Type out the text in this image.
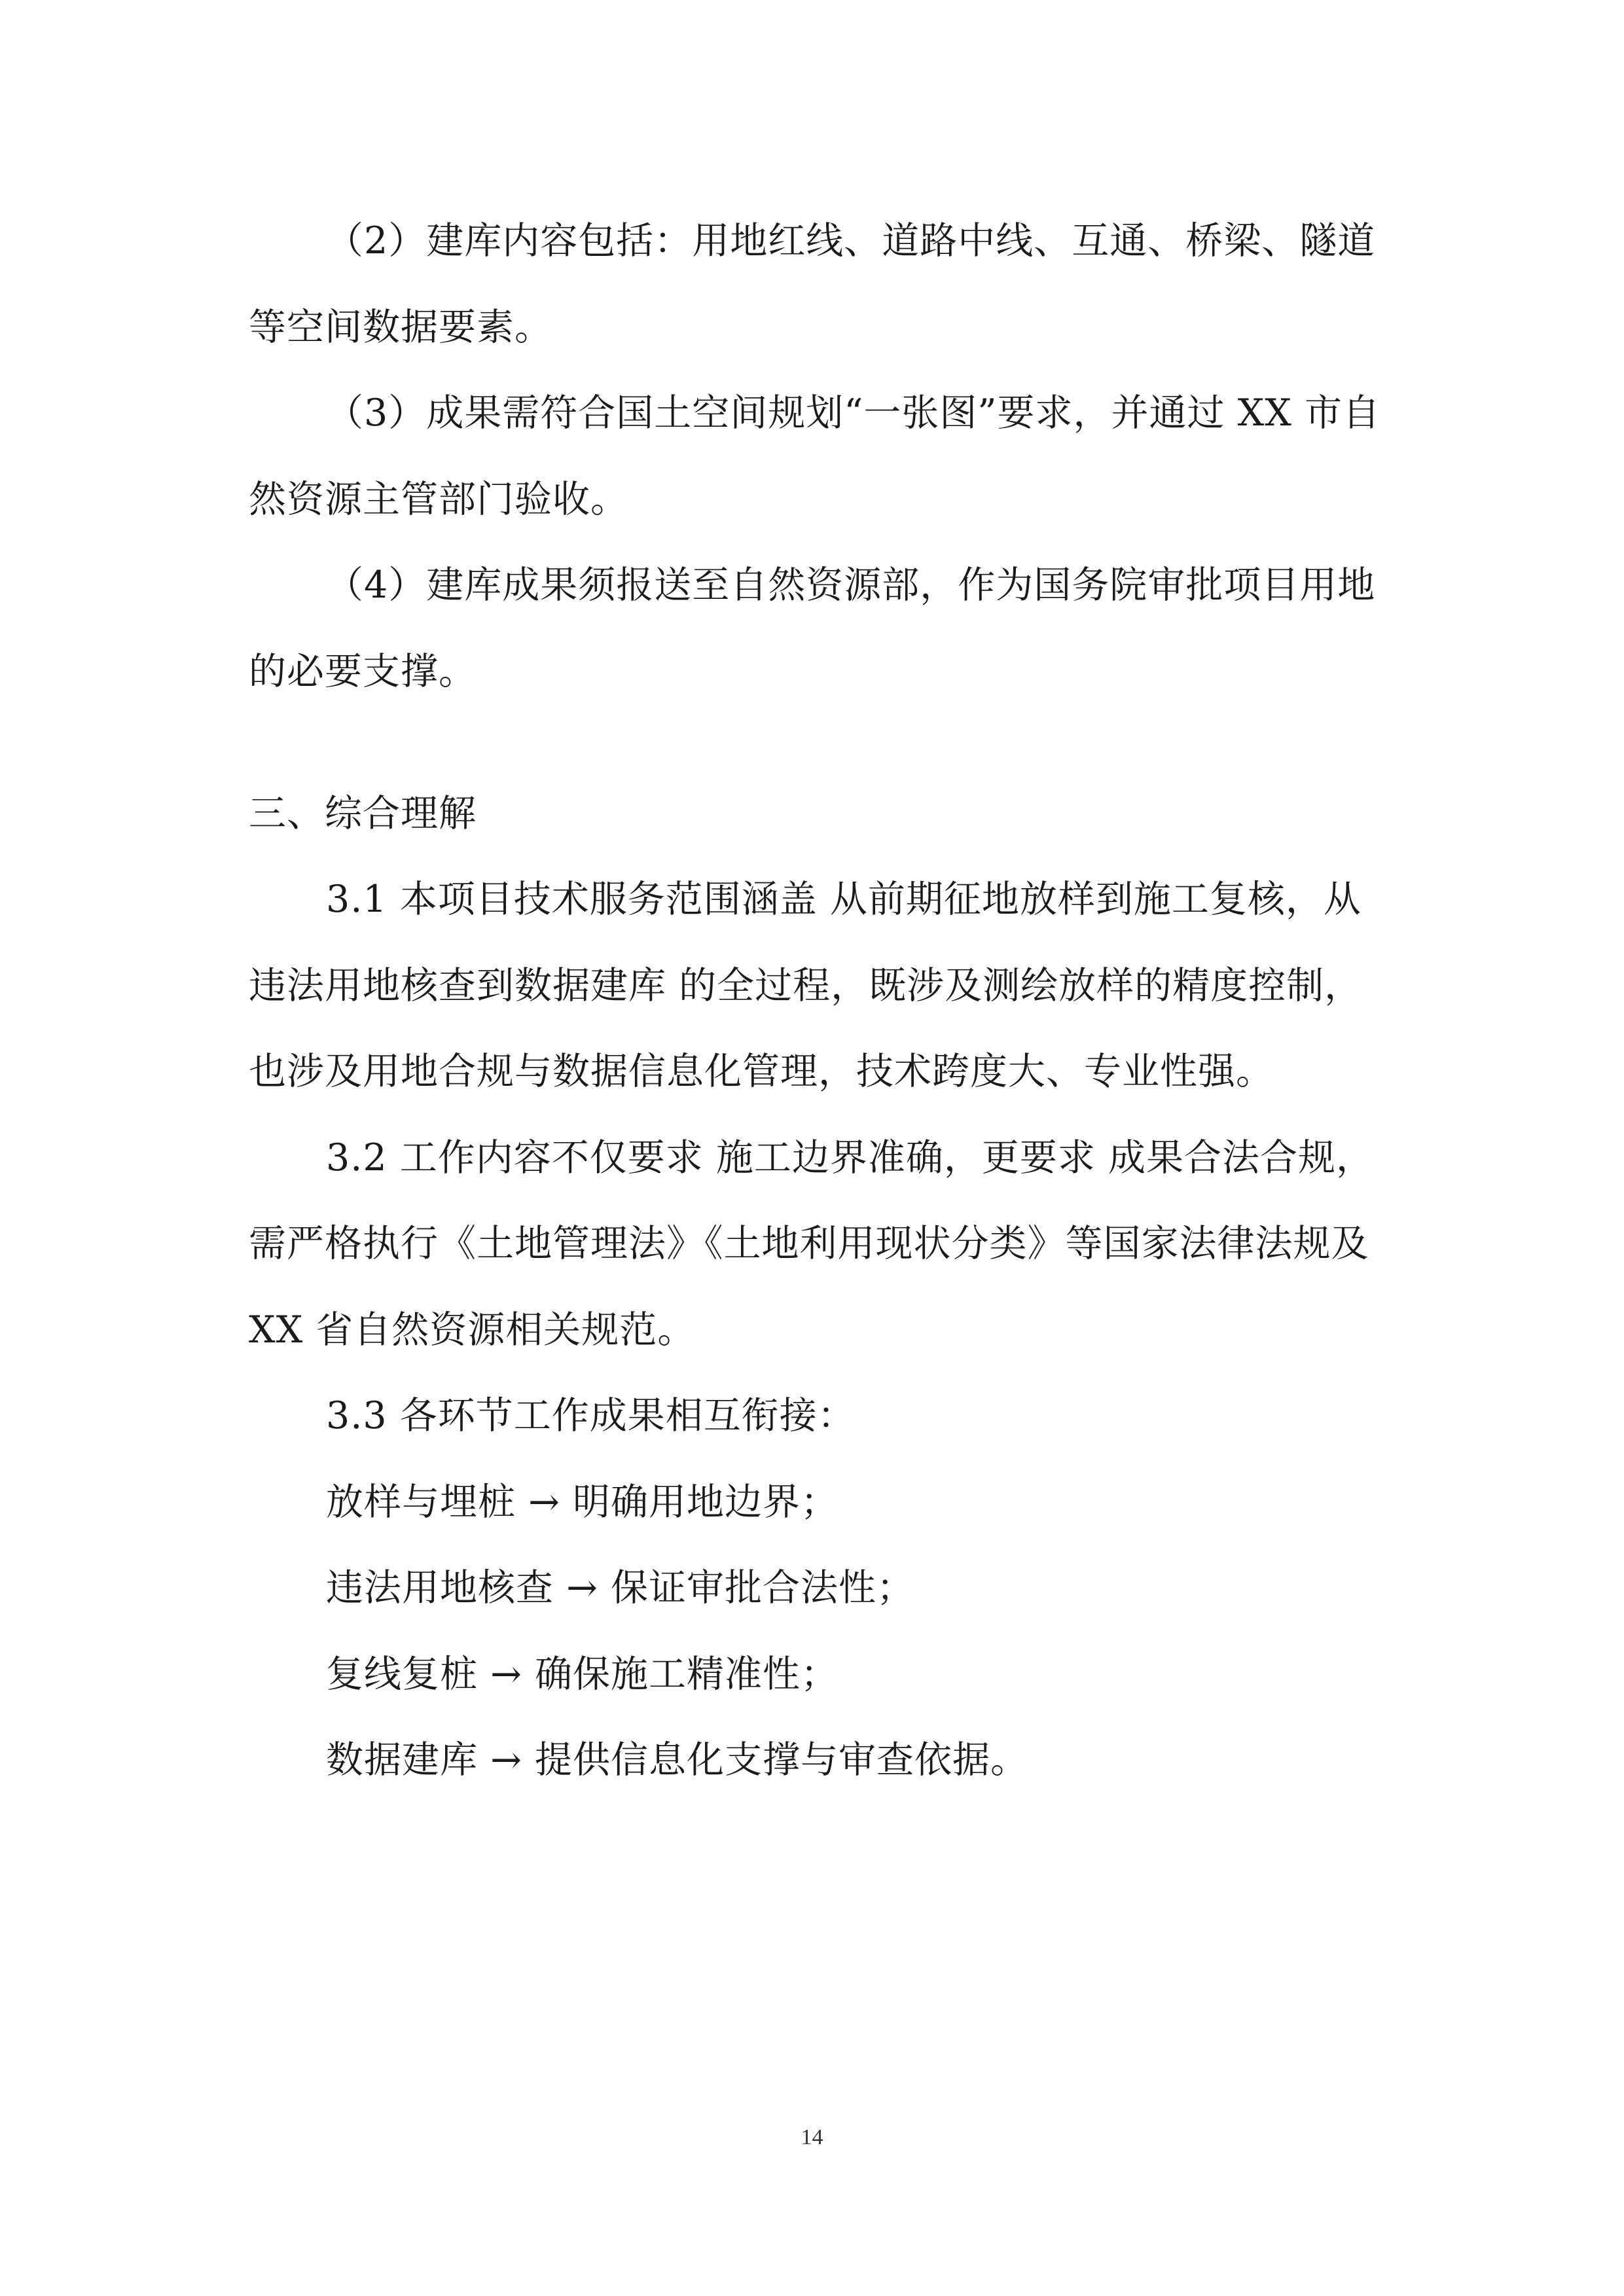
（2）建库内容包括：用地红线、道路中线、互通、桥梁、隧道
等空间数据要素。
（3）成果需符合国土空间规划“一张图”要求，并通过 XX 市自
然资源主管部门验收。
（4）建库成果须报送至自然资源部，作为国务院审批项目用地
的必要支撑。
三、综合理解
3.1 本项目技术服务范围涵盖 从前期征地放样到施工复核，从
违法用地核查到数据建库 的全过程，既涉及测绘放样的精度控制，
也涉及用地合规与数据信息化管理，技术跨度大、专业性强。
3.2 工作内容不仅要求 施工边界准确，更要求 成果合法合规，
需严格执行《土地管理法》《土地利用现状分类》等国家法律法规及
XX 省自然资源相关规范。
3.3 各环节工作成果相互衔接：
放样与埋桩 → 明确用地边界；
违法用地核查 → 保证审批合法性；
复线复桩 → 确保施工精准性；
数据建库 → 提供信息化支撑与审查依据。
14
